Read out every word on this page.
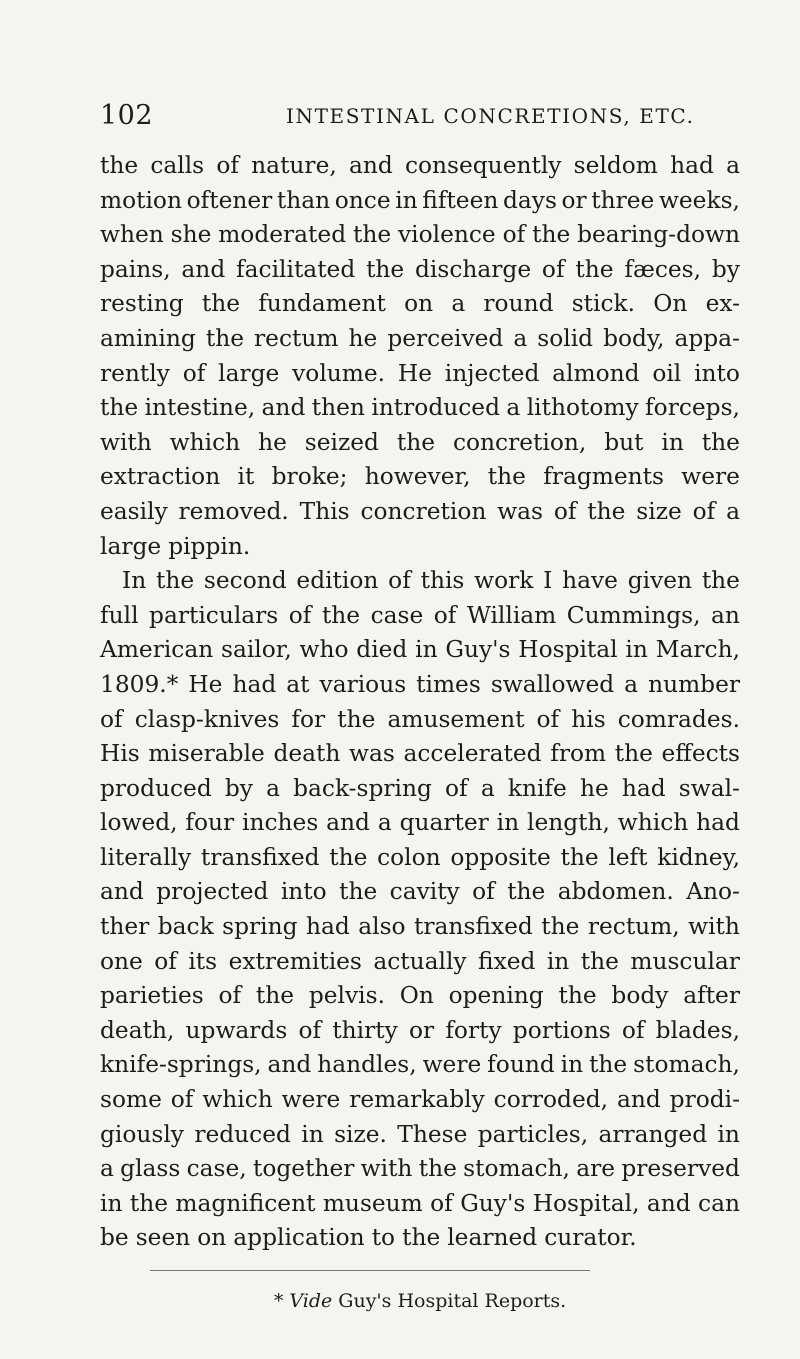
102	INTESTINAL CONCRETIONS, ETC.
the calls of nature, and consequently seldom had a
motion oftener than once in fifteen days or three weeks,
when she moderated the violence of the bearing-down
pains, and facilitated the discharge of the fæces, by
resting the fundament on a round stick. On ex-
amining the rectum he perceived a solid body, appa-
rently of large volume. He injected almond oil into
the intestine, and then introduced a lithotomy forceps,
with which he seized the concretion, but in the
extraction it broke; however, the fragments were
easily removed. This concretion was of the size of a
large pippin.
In the second edition of this work I have given the
full particulars of the case of William Cummings, an
American sailor, who died in Guy's Hospital in March,
1809.* He had at various times swallowed a number
of clasp-knives for the amusement of his comrades.
His miserable death was accelerated from the effects
produced by a back-spring of a knife he had swal-
lowed, four inches and a quarter in length, which had
literally transfixed the colon opposite the left kidney,
and projected into the cavity of the abdomen. Ano-
ther back spring had also transfixed the rectum, with
one of its extremities actually fixed in the muscular
parieties of the pelvis. On opening the body after
death, upwards of thirty or forty portions of blades,
knife-springs, and handles, were found in the stomach,
some of which were remarkably corroded, and prodi-
giously reduced in size. These particles, arranged in
a glass case, together with the stomach, are preserved
in the magnificent museum of Guy's Hospital, and can
be seen on application to the learned curator.
* Vide Guy's Hospital Reports.
